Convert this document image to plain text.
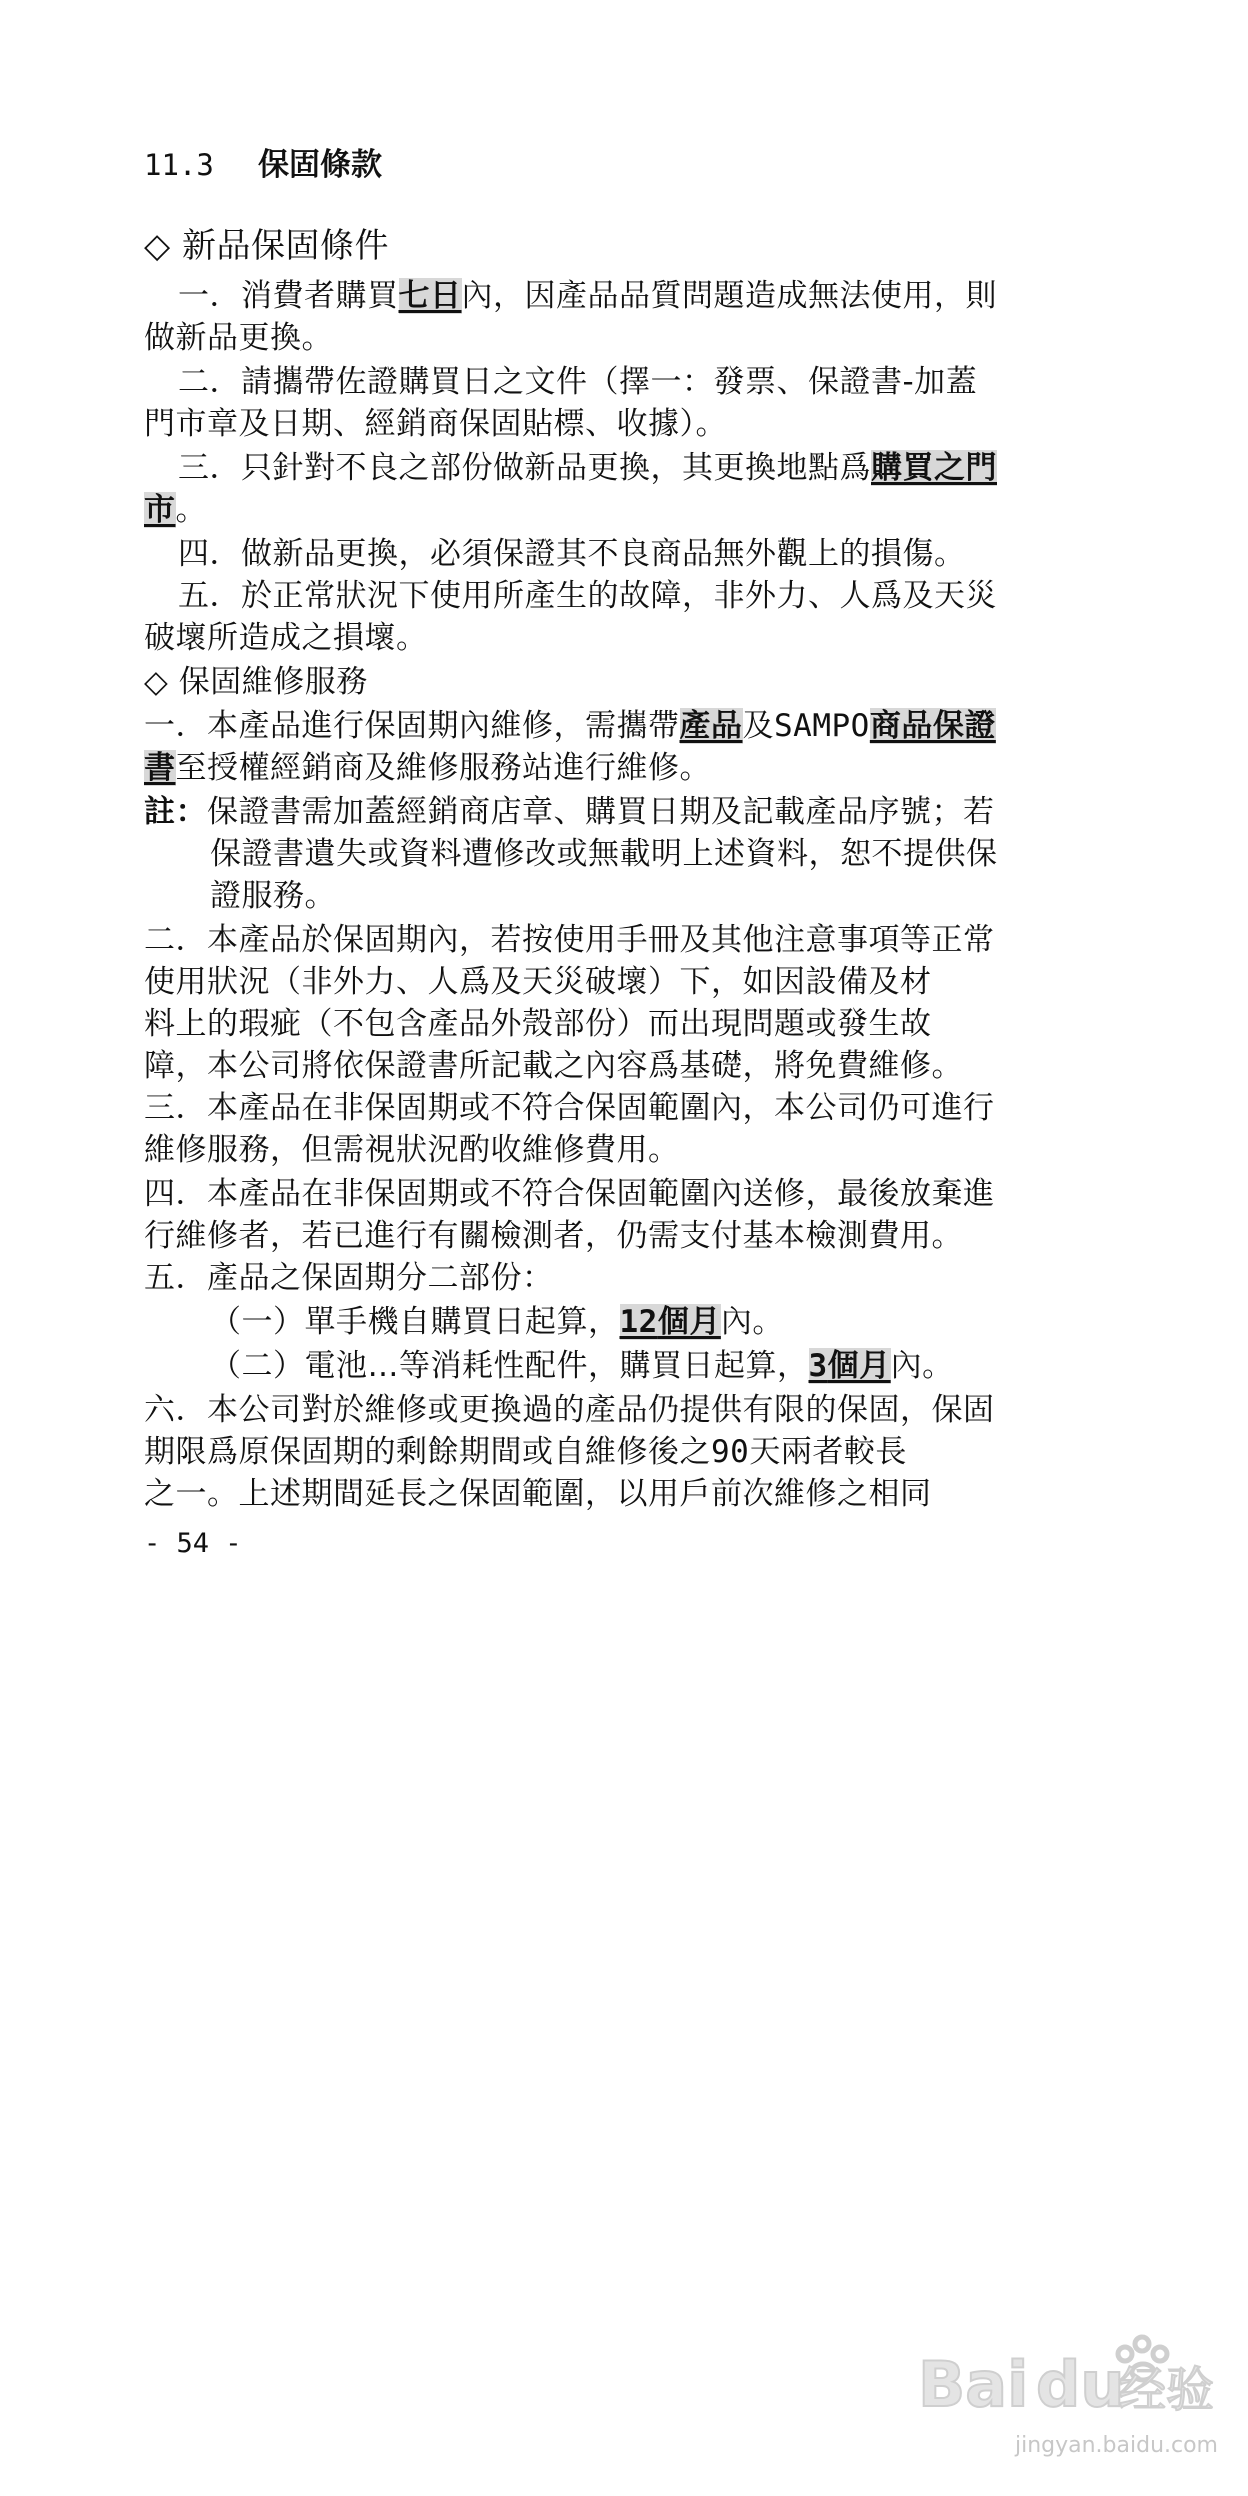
11.3 保固條款
◇ 新品保固條件
一．消費者購買七日內，因產品品質問題造成無法使用，則
做新品更換。
二．請攜帶佐證購買日之文件（擇一：發票、保證書-加蓋
門市章及日期、經銷商保固貼標、收據）。
三．只針對不良之部份做新品更換，其更換地點爲購買之門
市。
四．做新品更換，必須保證其不良商品無外觀上的損傷。
五．於正常狀況下使用所產生的故障，非外力、人爲及天災
破壞所造成之損壞。
◇ 保固維修服務
一．本產品進行保固期內維修，需攜帶產品及SAMPO商品保證
書至授權經銷商及維修服務站進行維修。
註：保證書需加蓋經銷商店章、購買日期及記載產品序號；若
保證書遺失或資料遭修改或無載明上述資料，恕不提供保
證服務。
二．本產品於保固期內，若按使用手冊及其他注意事項等正常
使用狀況（非外力、人爲及天災破壞）下，如因設備及材
料上的瑕疵（不包含產品外殼部份）而出現問題或發生故
障，本公司將依保證書所記載之內容爲基礎，將免費維修。
三．本產品在非保固期或不符合保固範圍內，本公司仍可進行
維修服務，但需視狀況酌收維修費用。
四．本產品在非保固期或不符合保固範圍內送修，最後放棄進
行維修者，若已進行有關檢測者，仍需支付基本檢測費用。
五．產品之保固期分二部份：
（一）單手機自購買日起算，12個月內。
（二）電池…等消耗性配件，購買日起算，3個月內。
六．本公司對於維修或更換過的產品仍提供有限的保固，保固
期限爲原保固期的剩餘期間或自維修後之90天兩者較長
之一。上述期間延長之保固範圍，以用戶前次維修之相同
- 54 -
Bai du
经验
jingyan.baidu.com
